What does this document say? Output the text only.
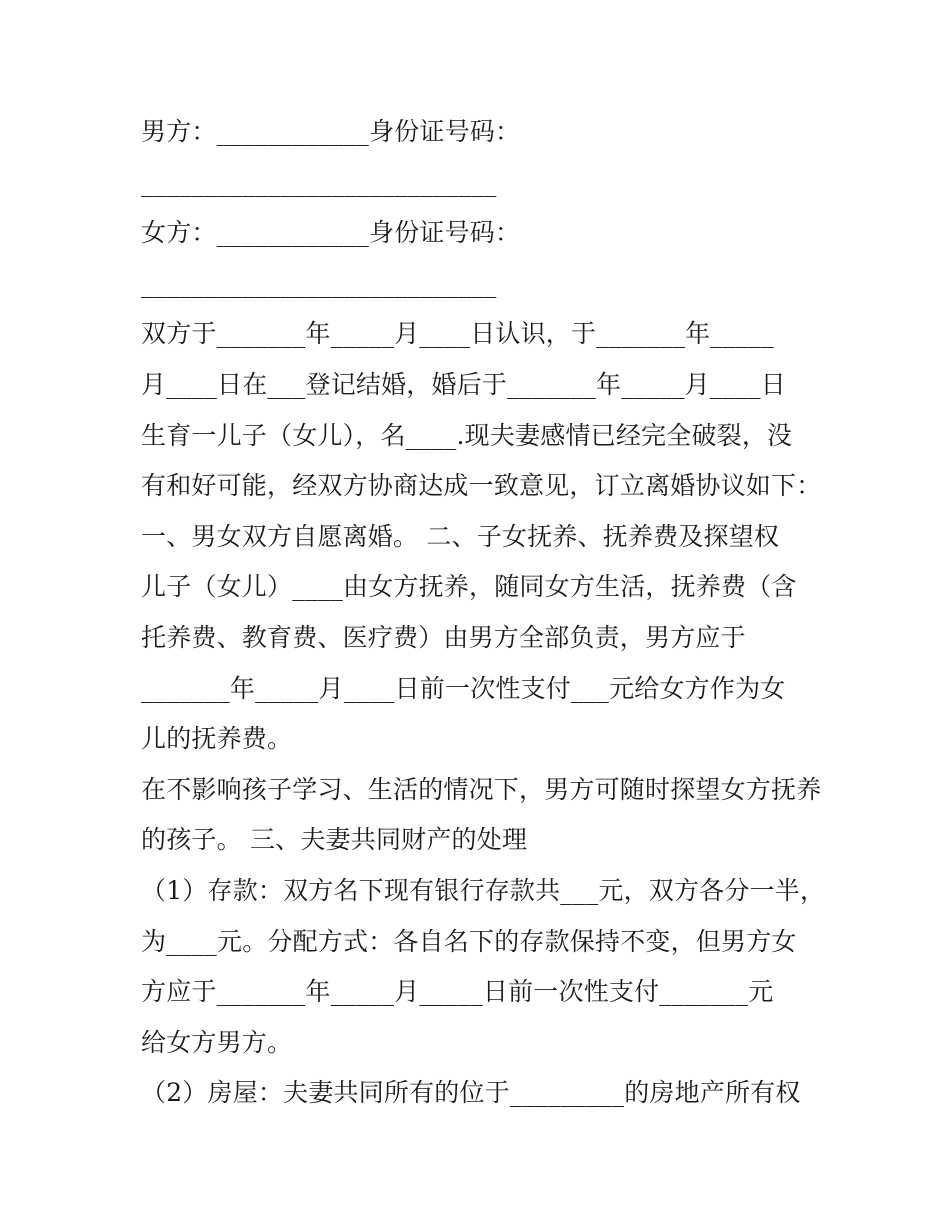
男方：____________身份证号码：
____________________________
女方：____________身份证号码：
____________________________
双方于_______年_____月____日认识，于_______年_____
月____日在___登记结婚，婚后于_______年_____月____日
生育一儿子（女儿），名____.现夫妻感情已经完全破裂，没
有和好可能，经双方协商达成一致意见，订立离婚协议如下：
一、男女双方自愿离婚。 二、子女抚养、抚养费及探望权
儿子（女儿）____由女方抚养，随同女方生活，抚养费（含
托养费、教育费、医疗费）由男方全部负责，男方应于
_______年_____月____日前一次性支付___元给女方作为女
儿的抚养费。
在不影响孩子学习、生活的情况下，男方可随时探望女方抚养
的孩子。 三、夫妻共同财产的处理
（1）存款：双方名下现有银行存款共___元，双方各分一半，
为____元。分配方式：各自名下的存款保持不变，但男方女
方应于_______年_____月_____日前一次性支付_______元
给女方男方。
（2）房屋：夫妻共同所有的位于_________的房地产所有权
